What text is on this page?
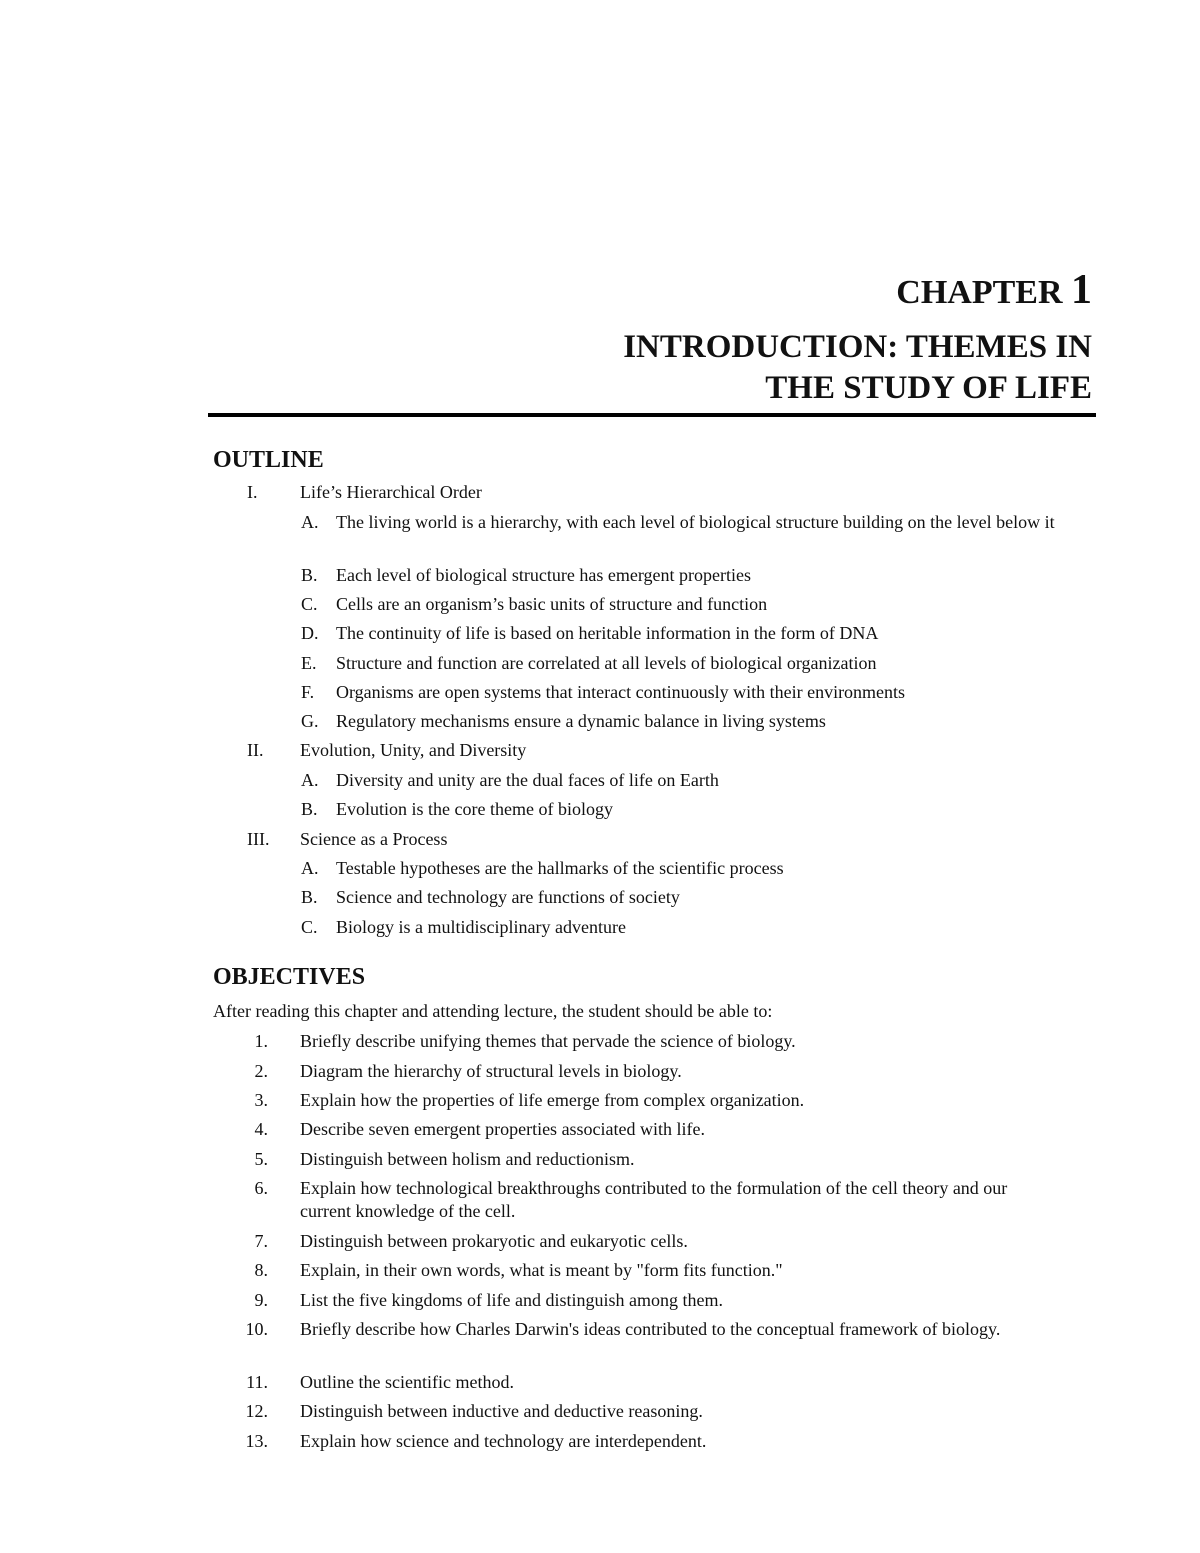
CHAPTER 1
INTRODUCTION: THEMES IN
THE STUDY OF LIFE
OUTLINE
I. Life’s Hierarchical Order
A. The living world is a hierarchy, with each level of biological structure building on the level below it
B. Each level of biological structure has emergent properties
C. Cells are an organism’s basic units of structure and function
D. The continuity of life is based on heritable information in the form of DNA
E. Structure and function are correlated at all levels of biological organization
F. Organisms are open systems that interact continuously with their environments
G. Regulatory mechanisms ensure a dynamic balance in living systems
II. Evolution, Unity, and Diversity
A. Diversity and unity are the dual faces of life on Earth
B. Evolution is the core theme of biology
III. Science as a Process
A. Testable hypotheses are the hallmarks of the scientific process
B. Science and technology are functions of society
C. Biology is a multidisciplinary adventure
OBJECTIVES

After reading this chapter and attending lecture, the student should be able to:

1. Briefly describe unifying themes that pervade the science of biology.
2. Diagram the hierarchy of structural levels in biology.
3. Explain how the properties of life emerge from complex organization.
4. Describe seven emergent properties associated with life.
5. Distinguish between holism and reductionism.
6. Explain how technological breakthroughs contributed to the formulation of the cell theory and our current knowledge of the cell.
7. Distinguish between prokaryotic and eukaryotic cells.
8. Explain, in their own words, what is meant by "form fits function."
9. List the five kingdoms of life and distinguish among them.
10. Briefly describe how Charles Darwin's ideas contributed to the conceptual framework of biology.
11. Outline the scientific method.
12. Distinguish between inductive and deductive reasoning.
13. Explain how science and technology are interdependent.
